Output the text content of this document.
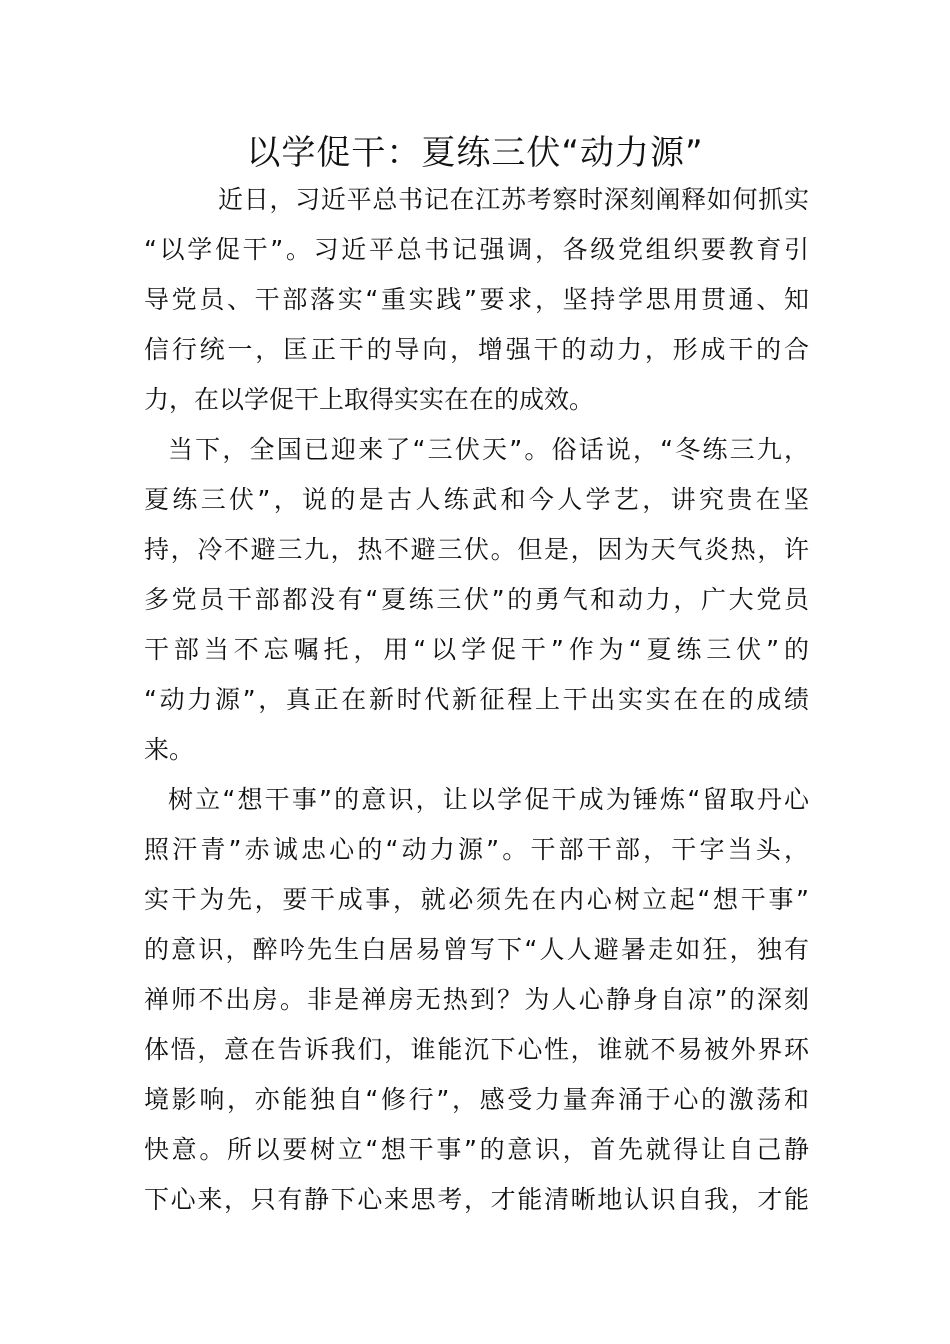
以学促干：夏练三伏“动力源”
近日，习近平总书记在江苏考察时深刻阐释如何抓实
“以学促干”。习近平总书记强调，各级党组织要教育引
导党员、干部落实“重实践”要求，坚持学思用贯通、知
信行统一，匡正干的导向，增强干的动力，形成干的合
力，在以学促干上取得实实在在的成效。
当下，全国已迎来了“三伏天”。俗话说，“冬练三九，
夏练三伏”，说的是古人练武和今人学艺，讲究贵在坚
持，冷不避三九，热不避三伏。但是，因为天气炎热，许
多党员干部都没有“夏练三伏”的勇气和动力，广大党员
干部当不忘嘱托，用“以学促干”作为“夏练三伏”的
“动力源”，真正在新时代新征程上干出实实在在的成绩
来。
树立“想干事”的意识，让以学促干成为锤炼“留取丹心
照汗青”赤诚忠心的“动力源”。干部干部，干字当头，
实干为先，要干成事，就必须先在内心树立起“想干事”
的意识，醉吟先生白居易曾写下“人人避暑走如狂，独有
禅师不出房。非是禅房无热到？为人心静身自凉”的深刻
体悟，意在告诉我们，谁能沉下心性，谁就不易被外界环
境影响，亦能独自“修行”，感受力量奔涌于心的激荡和
快意。所以要树立“想干事”的意识，首先就得让自己静
下心来，只有静下心来思考，才能清晰地认识自我，才能
